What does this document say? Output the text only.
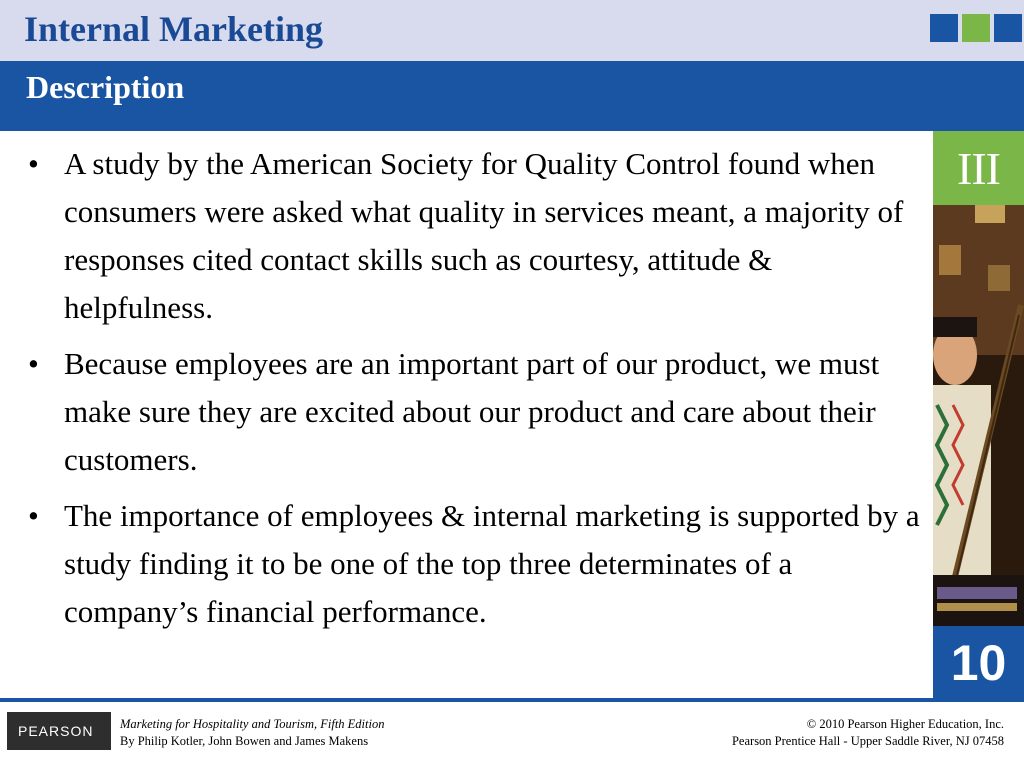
Internal Marketing
Description
• A study by the American Society for Quality Control found when consumers were asked what quality in services meant, a majority of responses cited contact skills such as courtesy, attitude & helpfulness.
• Because employees are an important part of our product, we must make sure they are excited about our product and care about their customers.
• The importance of employees & internal marketing is supported by a study finding it to be one of the top three determinates of a company’s financial performance.
III
10
PEARSON Marketing for Hospitality and Tourism, Fifth Edition
By Philip Kotler, John Bowen and James Makens
© 2010 Pearson Higher Education, Inc.
Pearson Prentice Hall - Upper Saddle River, NJ 07458
